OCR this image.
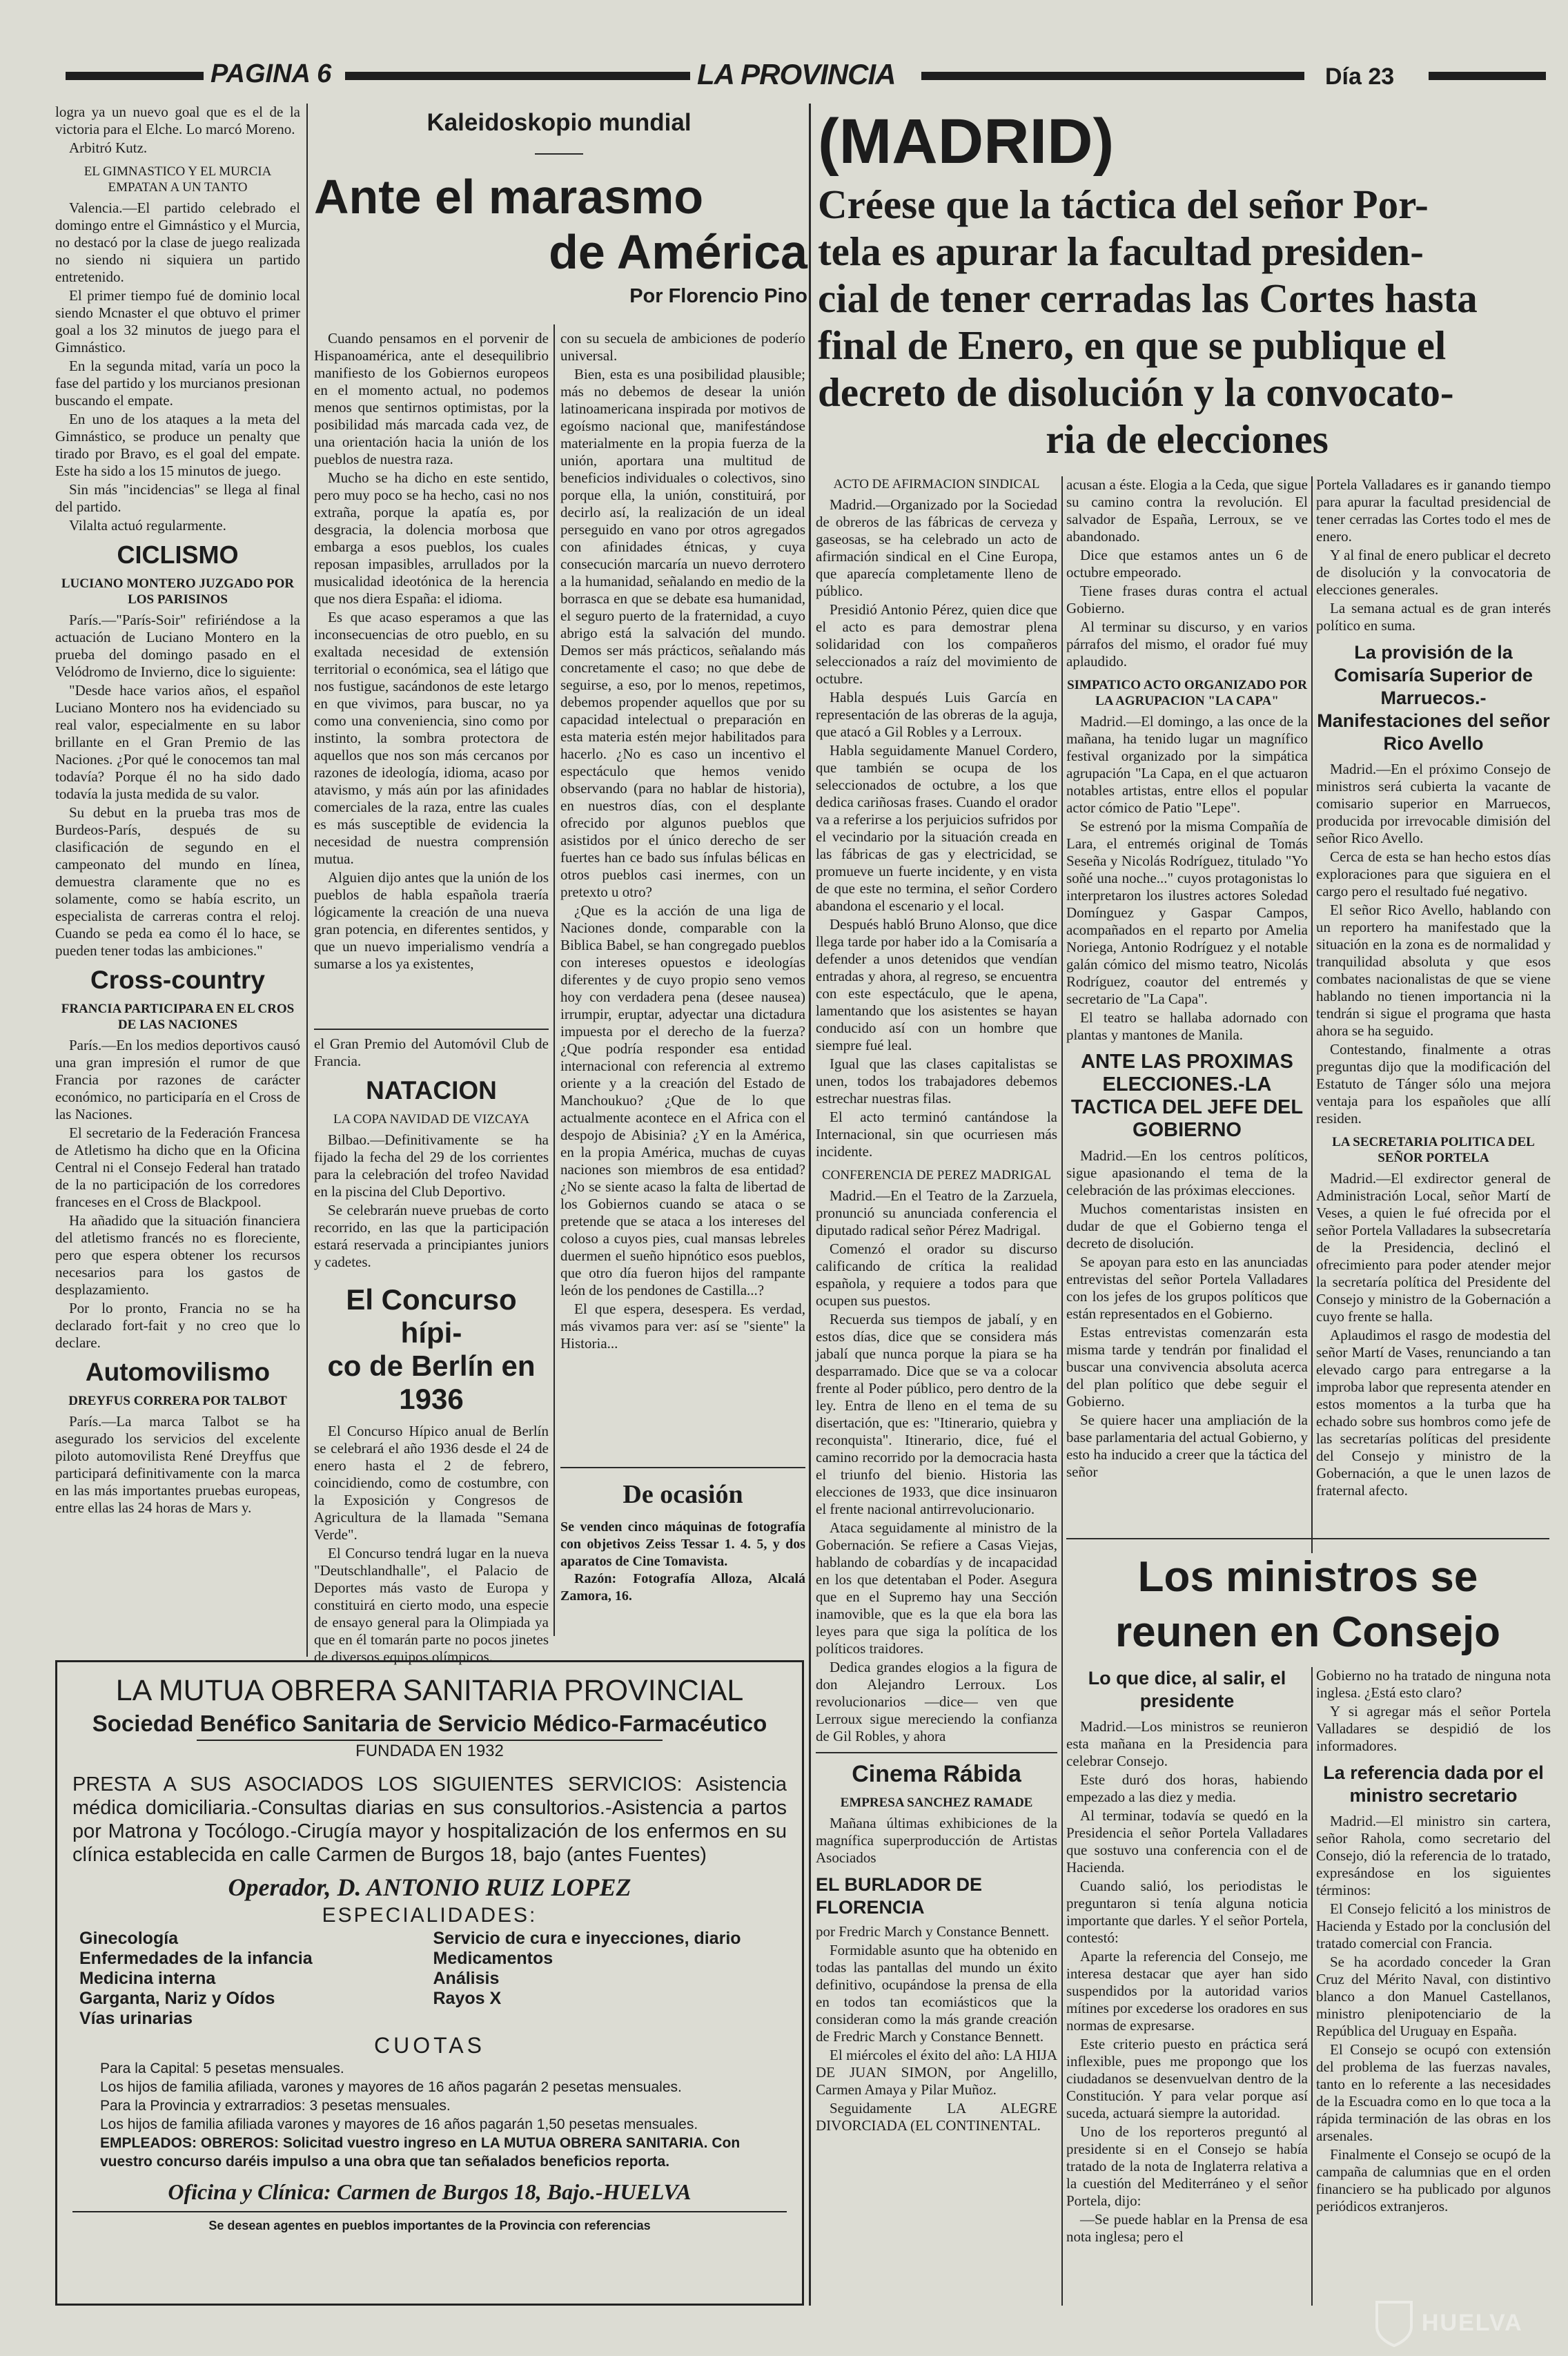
PAGINA 6	LA PROVINCIA	Día 23

logra ya un nuevo goal que es el de la victoria para el Elche. Lo marcó Moreno.

Arbitró Kutz.

EL GIMNASTICO Y EL MURCIA EMPATAN A UN TANTO

Valencia.—El partido celebrado el domingo entre el Gimnástico y el Murcia, no destacó por la clase de juego realizada no siendo ni siquiera un partido entretenido.

El primer tiempo fué de dominio local siendo Mcnaster el que obtuvo el primer goal a los 32 minutos de juego para el Gimnástico.

En la segunda mitad, varía un poco la fase del partido y los murcianos presionan buscando el empate.

En uno de los ataques a la meta del Gimnástico, se produce un penalty que tirado por Bravo, es el goal del empate. Este ha sido a los 15 minutos de juego.

Sin más "incidencias" se llega al final del partido.

Vilalta actuó regularmente.

CICLISMO
LUCIANO MONTERO JUZGADO POR LOS PARISINOS

París.—"París-Soir" refiriéndose a la actuación de Luciano Montero en la prueba del domingo pasado en el Velódromo de Invierno, dice lo siguiente:

"Desde hace varios años, el español Luciano Montero nos ha evidenciado su real valor, especialmente en su labor brillante en el Gran Premio de las Naciones. ¿Por qué le conocemos tan mal todavía? Porque él no ha sido dado todavía la justa medida de su valor.

Su debut en la prueba tras mos de Burdeos-París, después de su clasificación de segundo en el campeonato del mundo en línea, demuestra claramente que no es solamente, como se había escrito, un especialista de carreras contra el reloj. Cuando se peda ea como él lo hace, se pueden tener todas las ambiciones."

Cross-country
FRANCIA PARTICIPARA EN EL CROS DE LAS NACIONES

París.—En los medios deportivos causó una gran impresión el rumor de que Francia por razones de carácter económico, no participaría en el Cross de las Naciones.

El secretario de la Federación Francesa de Atletismo ha dicho que en la Oficina Central ni el Consejo Federal han tratado de la no participación de los corredores franceses en el Cross de Blackpool.

Ha añadido que la situación financiera del atletismo francés no es floreciente, pero que espera obtener los recursos necesarios para los gastos de desplazamiento.

Por lo pronto, Francia no se ha declarado fort-fait y no creo que lo declare.

Automovilismo
DREYFUS CORRERA POR TALBOT

París.—La marca Talbot se ha asegurado los servicios del excelente piloto automovilista René Dreyffus que participará definitivamente con la marca en las más importantes pruebas europeas, entre ellas las 24 horas de Mars y.

Kaleidoskopio mundial
Ante el marasmo
de América
Por Florencio Pino

Cuando pensamos en el porvenir de Hispanoamérica, ante el desequilibrio manifiesto de los Gobiernos europeos en el momento actual, no podemos menos que sentirnos optimistas, por la posibilidad más marcada cada vez, de una orientación hacia la unión de los pueblos de nuestra raza.

Mucho se ha dicho en este sentido, pero muy poco se ha hecho, casi no nos extraña, porque la apatía es, por desgracia, la dolencia morbosa que embarga a esos pueblos, los cuales reposan impasibles, arrullados por la musicalidad ideotónica de la herencia que nos diera España: el idioma.

Es que acaso esperamos a que las inconsecuencias de otro pueblo, en su exaltada necesidad de extensión territorial o económica, sea el látigo que nos fustigue, sacándonos de este letargo en que vivimos, para buscar, no ya como una conveniencia, sino como por instinto, la sombra protectora de aquellos que nos son más cercanos por razones de ideología, idioma, acaso por atavismo, y más aún por las afinidades comerciales de la raza, entre las cuales es más susceptible de evidencia la necesidad de nuestra comprensión mutua.

Alguien dijo antes que la unión de los pueblos de habla española traería lógicamente la creación de una nueva gran potencia, en diferentes sentidos, y que un nuevo imperialismo vendría a sumarse a los ya existentes,

con su secuela de ambiciones de poderío universal.

Bien, esta es una posibilidad plausible; más no debemos de desear la unión latinoamericana inspirada por motivos de egoísmo nacional que, manifestándose materialmente en la propia fuerza de la unión, aportara una multitud de beneficios individuales o colectivos, sino porque ella, la unión, constituirá, por decirlo así, la realización de un ideal perseguido en vano por otros agregados con afinidades étnicas, y cuya consecución marcaría un nuevo derrotero a la humanidad, señalando en medio de la borrasca en que se debate esa humanidad, el seguro puerto de la fraternidad, a cuyo abrigo está la salvación del mundo. Demos ser más prácticos, señalando más concretamente el caso; no que debe de seguirse, a eso, por lo menos, repetimos, debemos propender aquellos que por su capacidad intelectual o preparación en esta materia estén mejor habilitados para hacerlo. ¿No es caso un incentivo el espectáculo que hemos venido observando (para no hablar de historia), en nuestros días, con el desplante ofrecido por algunos pueblos que asistidos por el único derecho de ser fuertes han ce bado sus ínfulas bélicas en otros pueblos casi inermes, con un pretexto u otro?

¿Que es la acción de una liga de Naciones donde, comparable con la Biblica Babel, se han congregado pueblos con intereses opuestos e ideologías diferentes y de cuyo propio seno vemos hoy con verdadera pena (desee nausea) irrumpir, eruptar, adyectar una dictadura impuesta por el derecho de la fuerza? ¿Que podría responder esa entidad internacional con referencia al extremo oriente y a la creación del Estado de Manchoukuo? ¿Que de lo que actualmente acontece en el Africa con el despojo de Abisinia? ¿Y en la América, en la propia América, muchas de cuyas naciones son miembros de esa entidad? ¿No se siente acaso la falta de libertad de los Gobiernos cuando se ataca o se pretende que se ataca a los intereses del coloso a cuyos pies, cual mansas lebreles duermen el sueño hipnótico esos pueblos, que otro día fueron hijos del rampante león de los pendones de Castilla...?

El que espera, desespera. Es verdad, más vivamos para ver: así se "siente" la Historia...

el Gran Premio del Automóvil Club de Francia.

NATACION
LA COPA NAVIDAD DE VIZCAYA

Bilbao.—Definitivamente se ha fijado la fecha del 29 de los corrientes para la celebración del trofeo Navidad en la piscina del Club Deportivo.

Se celebrarán nueve pruebas de corto recorrido, en las que la participación estará reservada a principiantes juniors y cadetes.

El Concurso hípi-
co de Berlín en
1936

El Concurso Hípico anual de Berlín se celebrará el año 1936 desde el 24 de enero hasta el 2 de febrero, coincidiendo, como de costumbre, con la Exposición y Congresos de Agricultura de la llamada "Semana Verde".

El Concurso tendrá lugar en la nueva "Deutschlandhalle", el Palacio de Deportes más vasto de Europa y constituirá en cierto modo, una especie de ensayo general para la Olimpiada ya que en él tomarán parte no pocos jinetes de diversos equipos olímpicos.

De ocasión
Se venden cinco máquinas de fotografía con objetivos Zeiss Tessar 1. 4. 5, y dos aparatos de Cine Tomavista.
Razón: Fotografía Alloza, Alcalá Zamora, 16.
(MADRID)
Créese que la táctica del señor Por-
tela es apurar la facultad presiden-
cial de tener cerradas las Cortes hasta
final de Enero, en que se publique el
decreto de disolución y la convocato-
ria de elecciones
ACTO DE AFIRMACION SINDICAL

Madrid.—Organizado por la Sociedad de obreros de las fábricas de cerveza y gaseosas, se ha celebrado un acto de afirmación sindical en el Cine Europa, que aparecía completamente lleno de público.

Presidió Antonio Pérez, quien dice que el acto es para demostrar plena solidaridad con los compañeros seleccionados a raíz del movimiento de octubre.

Habla después Luis García en representación de las obreras de la aguja, que atacó a Gil Robles y a Lerroux.

Habla seguidamente Manuel Cordero, que también se ocupa de los seleccionados de octubre, a los que dedica cariñosas frases. Cuando el orador va a referirse a los perjuicios sufridos por el vecindario por la situación creada en las fábricas de gas y electricidad, se promueve un fuerte incidente, y en vista de que este no termina, el señor Cordero abandona el escenario y el local.

Después habló Bruno Alonso, que dice llega tarde por haber ido a la Comisaría a defender a unos detenidos que vendían entradas y ahora, al regreso, se encuentra con este espectáculo, que le apena, lamentando que los asistentes se hayan conducido así con un hombre que siempre fué leal.

Igual que las clases capitalistas se unen, todos los trabajadores debemos estrechar nuestras filas.

El acto terminó cantándose la Internacional, sin que ocurriesen más incidente.

CONFERENCIA DE PEREZ MADRIGAL

Madrid.—En el Teatro de la Zarzuela, pronunció su anunciada conferencia el diputado radical señor Pérez Madrigal.

Comenzó el orador su discurso calificando de crítica la realidad española, y requiere a todos para que ocupen sus puestos.

Recuerda sus tiempos de jabalí, y en estos días, dice que se considera más jabalí que nunca porque la piara se ha desparramado. Dice que se va a colocar frente al Poder público, pero dentro de la ley. Entra de lleno en el tema de su disertación, que es: "Itinerario, quiebra y reconquista". Itinerario, dice, fué el camino recorrido por la democracia hasta el triunfo del bienio. Historia las elecciones de 1933, que dice insinuaron el frente nacional antirrevolucionario.

Ataca seguidamente al ministro de la Gobernación. Se refiere a Casas Viejas, hablando de cobardías y de incapacidad en los que detentaban el Poder. Asegura que en el Supremo hay una Sección inamovible, que es la que ela bora las leyes para que siga la política de los políticos traidores.

Dedica grandes elogios a la figura de don Alejandro Lerroux. Los revolucionarios —dice— ven que Lerroux sigue mereciendo la confianza de Gil Robles, y ahora

Cinema Rábida
EMPRESA SANCHEZ RAMADE

Mañana últimas exhibiciones de la magnífica superproducción de Artistas Asociados

EL BURLADOR DE FLORENCIA

por Fredric March y Constance Bennett.

Formidable asunto que ha obtenido en todas las pantallas del mundo un éxito definitivo, ocupándose la prensa de ella en todos tan ecomiásticos que la consideran como la más grande creación de Fredric March y Constance Bennett.

El miércoles el éxito del año: LA HIJA DE JUAN SIMON, por Angelillo, Carmen Amaya y Pilar Muñoz.

Seguidamente LA ALEGRE DIVORCIADA (EL CONTINENTAL.

acusan a éste. Elogia a la Ceda, que sigue su camino contra la revolución. El salvador de España, Lerroux, se ve abandonado.

Dice que estamos antes un 6 de octubre empeorado.

Tiene frases duras contra el actual Gobierno.

Al terminar su discurso, y en varios párrafos del mismo, el orador fué muy aplaudido.

SIMPATICO ACTO ORGANIZADO POR LA AGRUPACION "LA CAPA"

Madrid.—El domingo, a las once de la mañana, ha tenido lugar un magnífico festival organizado por la simpática agrupación "La Capa, en el que actuaron notables artistas, entre ellos el popular actor cómico de Patio "Lepe".

Se estrenó por la misma Compañía de Lara, el entremés original de Tomás Seseña y Nicolás Rodríguez, titulado "Yo soñé una noche..." cuyos protagonistas lo interpretaron los ilustres actores Soledad Domínguez y Gaspar Campos, acompañados en el reparto por Amelia Noriega, Antonio Rodríguez y el notable galán cómico del mismo teatro, Nicolás Rodríguez, coautor del entremés y secretario de "La Capa".

El teatro se hallaba adornado con plantas y mantones de Manila.

ANTE LAS PROXIMAS ELECCIONES.-LA TACTICA DEL JEFE DEL GOBIERNO

Madrid.—En los centros políticos, sigue apasionando el tema de la celebración de las próximas elecciones.

Muchos comentaristas insisten en dudar de que el Gobierno tenga el decreto de disolución.

Se apoyan para esto en las anunciadas entrevistas del señor Portela Valladares con los jefes de los grupos políticos que están representados en el Gobierno.

Estas entrevistas comenzarán esta misma tarde y tendrán por finalidad el buscar una convivencia absoluta acerca del plan político que debe seguir el Gobierno.

Se quiere hacer una ampliación de la base parlamentaria del actual Gobierno, y esto ha inducido a creer que la táctica del señor

Portela Valladares es ir ganando tiempo para apurar la facultad presidencial de tener cerradas las Cortes todo el mes de enero.

Y al final de enero publicar el decreto de disolución y la convocatoria de elecciones generales.

La semana actual es de gran interés político en suma.

La provisión de la Comisaría Superior de Marruecos.-Manifestaciones del señor Rico Avello

Madrid.—En el próximo Consejo de ministros será cubierta la vacante de comisario superior en Marruecos, producida por irrevocable dimisión del señor Rico Avello.

Cerca de esta se han hecho estos días exploraciones para que siguiera en el cargo pero el resultado fué negativo.

El señor Rico Avello, hablando con un reportero ha manifestado que la situación en la zona es de normalidad y tranquilidad absoluta y que esos combates nacionalistas de que se viene hablando no tienen importancia ni la tendrán si sigue el programa que hasta ahora se ha seguido.

Contestando, finalmente a otras preguntas dijo que la modificación del Estatuto de Tánger sólo una mejora ventaja para los españoles que allí residen.

LA SECRETARIA POLITICA DEL SEÑOR PORTELA

Madrid.—El exdirector general de Administración Local, señor Martí de Veses, a quien le fué ofrecida por el señor Portela Valladares la subsecretaría de la Presidencia, declinó el ofrecimiento para poder atender mejor la secretaría política del Presidente del Consejo y ministro de la Gobernación a cuyo frente se halla.

Aplaudimos el rasgo de modestia del señor Martí de Vases, renunciando a tan elevado cargo para entregarse a la improba labor que representa atender en estos momentos a la turba que ha echado sobre sus hombros como jefe de las secretarías políticas del presidente del Consejo y ministro de la Gobernación, a que le unen lazos de fraternal afecto.

Los ministros se
reunen en Consejo
Lo que dice, al salir, el presidente

Madrid.—Los ministros se reunieron esta mañana en la Presidencia para celebrar Consejo.

Este duró dos horas, habiendo empezado a las diez y media.

Al terminar, todavía se quedó en la Presidencia el señor Portela Valladares que sostuvo una conferencia con el de Hacienda.

Cuando salió, los periodistas le preguntaron si tenía alguna noticia importante que darles. Y el señor Portela, contestó:

Aparte la referencia del Consejo, me interesa destacar que ayer han sido suspendidos por la autoridad varios mítines por excederse los oradores en sus normas de expresarse.

Este criterio puesto en práctica será inflexible, pues me propongo que los ciudadanos se desenvuelvan dentro de la Constitución. Y para velar porque así suceda, actuará siempre la autoridad.

Uno de los reporteros preguntó al presidente si en el Consejo se había tratado de la nota de Inglaterra relativa a la cuestión del Mediterráneo y el señor Portela, dijo:

—Se puede hablar en la Prensa de esa nota inglesa; pero el

Gobierno no ha tratado de ninguna nota inglesa. ¿Está esto claro?

Y si agregar más el señor Portela Valladares se despidió de los informadores.

La referencia dada por el ministro secretario

Madrid.—El ministro sin cartera, señor Rahola, como secretario del Consejo, dió la referencia de lo tratado, expresándose en los siguientes términos:

El Consejo felicitó a los ministros de Hacienda y Estado por la conclusión del tratado comercial con Francia.

Se ha acordado conceder la Gran Cruz del Mérito Naval, con distintivo blanco a don Manuel Castellanos, ministro plenipotenciario de la República del Uruguay en España.

El Consejo se ocupó con extensión del problema de las fuerzas navales, tanto en lo referente a las necesidades de la Escuadra como en lo que toca a la rápida terminación de las obras en los arsenales.

Finalmente el Consejo se ocupó de la campaña de calumnias que en el orden financiero se ha publicado por algunos periódicos extranjeros.

LA MUTUA OBRERA SANITARIA PROVINCIAL
Sociedad Benéfico Sanitaria de Servicio Médico-Farmacéutico
FUNDADA EN 1932
PRESTA A SUS ASOCIADOS LOS SIGUIENTES SERVICIOS: Asistencia médica domiciliaria.-Consultas diarias en sus consultorios.-Asistencia a partos por Matrona y Tocólogo.-Cirugía mayor y hospitalización de los enfermos en su clínica establecida en calle Carmen de Burgos 18, bajo (antes Fuentes)
Operador, D. ANTONIO RUIZ LOPEZ
ESPECIALIDADES:
Ginecología
Enfermedades de la infancia
Medicina interna
Garganta, Nariz y Oídos
Vías urinarias
Servicio de cura e inyecciones, diario
Medicamentos
Análisis
Rayos X
CUOTAS
Para la Capital: 5 pesetas mensuales.
Los hijos de familia afiliada, varones y mayores de 16 años pagarán 2 pesetas mensuales.
Para la Provincia y extrarradios: 3 pesetas mensuales.
Los hijos de familia afiliada varones y mayores de 16 años pagarán 1,50 pesetas mensuales.
EMPLEADOS: OBREROS: Solicitad vuestro ingreso en LA MUTUA OBRERA SANITARIA. Con vuestro concurso daréis impulso a una obra que tan señalados beneficios reporta.
Oficina y Clínica: Carmen de Burgos 18, Bajo.-HUELVA
Se desean agentes en pueblos importantes de la Provincia con referencias
HUELVA
